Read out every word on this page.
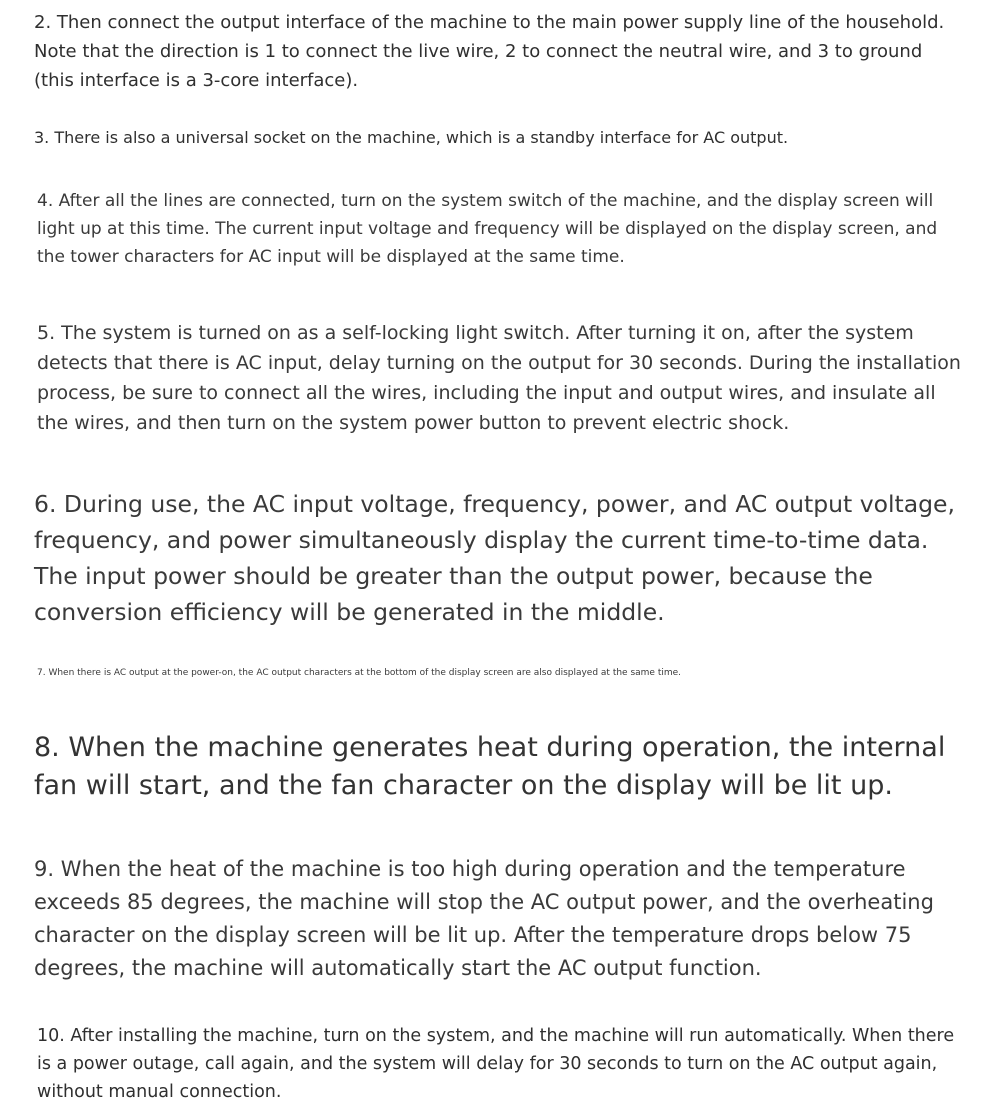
2. Then connect the output interface of the machine to the main power supply line of the household. Note that the direction is 1 to connect the live wire, 2 to connect the neutral wire, and 3 to ground (this interface is a 3-core interface).

3. There is also a universal socket on the machine, which is a standby interface for AC output.

4. After all the lines are connected, turn on the system switch of the machine, and the display screen will light up at this time. The current input voltage and frequency will be displayed on the display screen, and the tower characters for AC input will be displayed at the same time.

5. The system is turned on as a self-locking light switch. After turning it on, after the system detects that there is AC input, delay turning on the output for 30 seconds. During the installation process, be sure to connect all the wires, including the input and output wires, and insulate all the wires, and then turn on the system power button to prevent electric shock.

6. During use, the AC input voltage, frequency, power, and AC output voltage, frequency, and power simultaneously display the current time-to-time data. The input power should be greater than the output power, because the conversion efficiency will be generated in the middle.

7. When there is AC output at the power-on, the AC output characters at the bottom of the display screen are also displayed at the same time.

8. When the machine generates heat during operation, the internal fan will start, and the fan character on the display will be lit up.

9. When the heat of the machine is too high during operation and the temperature exceeds 85 degrees, the machine will stop the AC output power, and the overheating character on the display screen will be lit up. After the temperature drops below 75 degrees, the machine will automatically start the AC output function.

10. After installing the machine, turn on the system, and the machine will run automatically. When there is a power outage, call again, and the system will delay for 30 seconds to turn on the AC output again, without manual connection.
